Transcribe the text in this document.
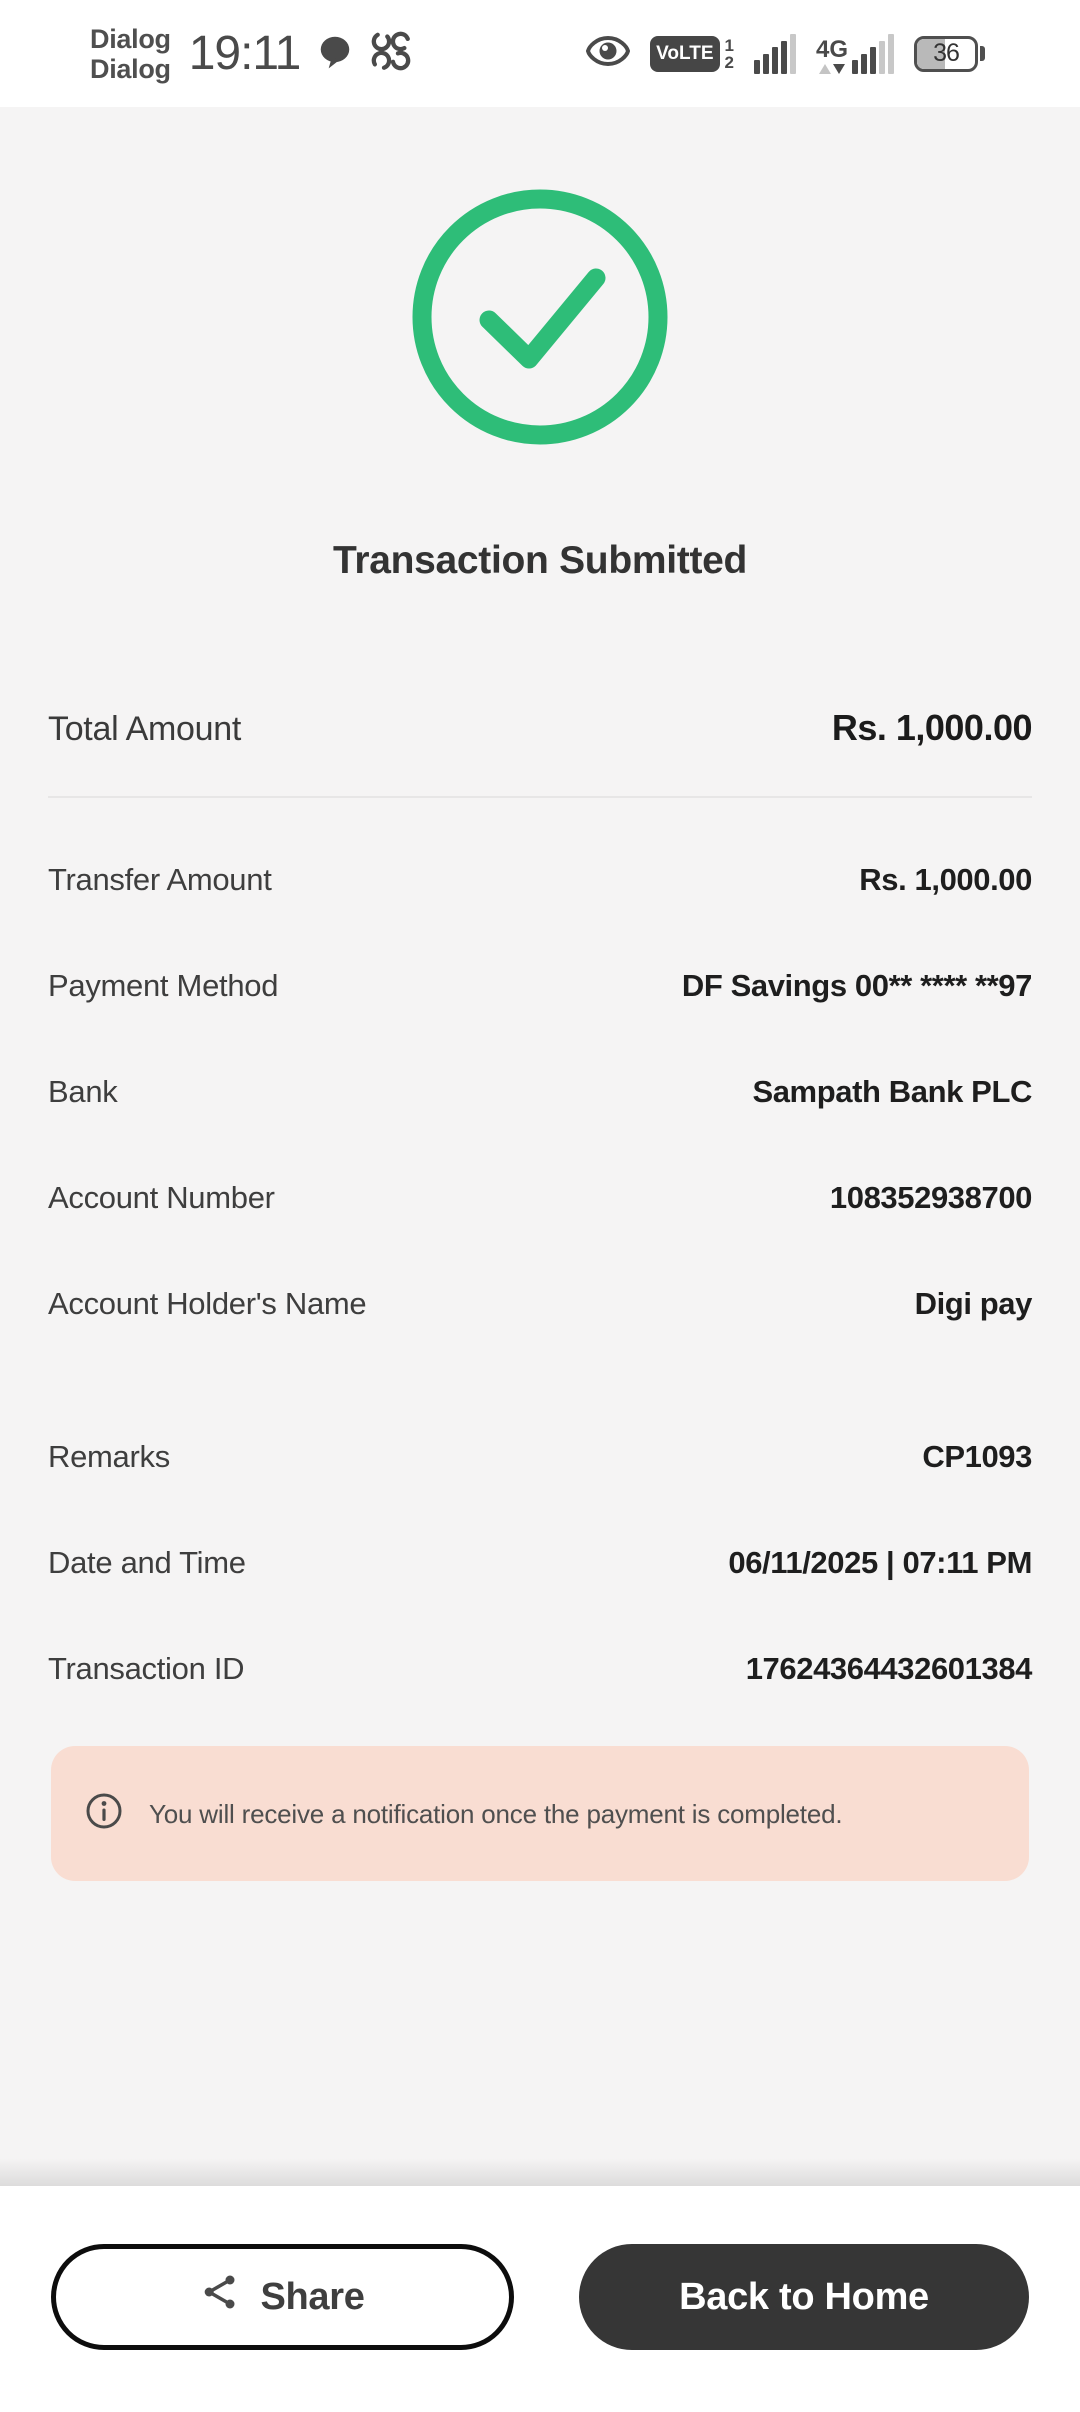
Dialog
Dialog 19:11	VoLTE 1
2	4G	36
Transaction Submitted
Total Amount	Rs. 1,000.00
Transfer Amount	Rs. 1,000.00
Payment Method	DF Savings 00** **** **97
Bank	Sampath Bank PLC
Account Number	108352938700
Account Holder's Name	Digi pay
Remarks	CP1093
Date and Time	06/11/2025 | 07:11 PM
Transaction ID	17624364432601384

You will receive a notification once the payment is completed.

Share	Back to Home
